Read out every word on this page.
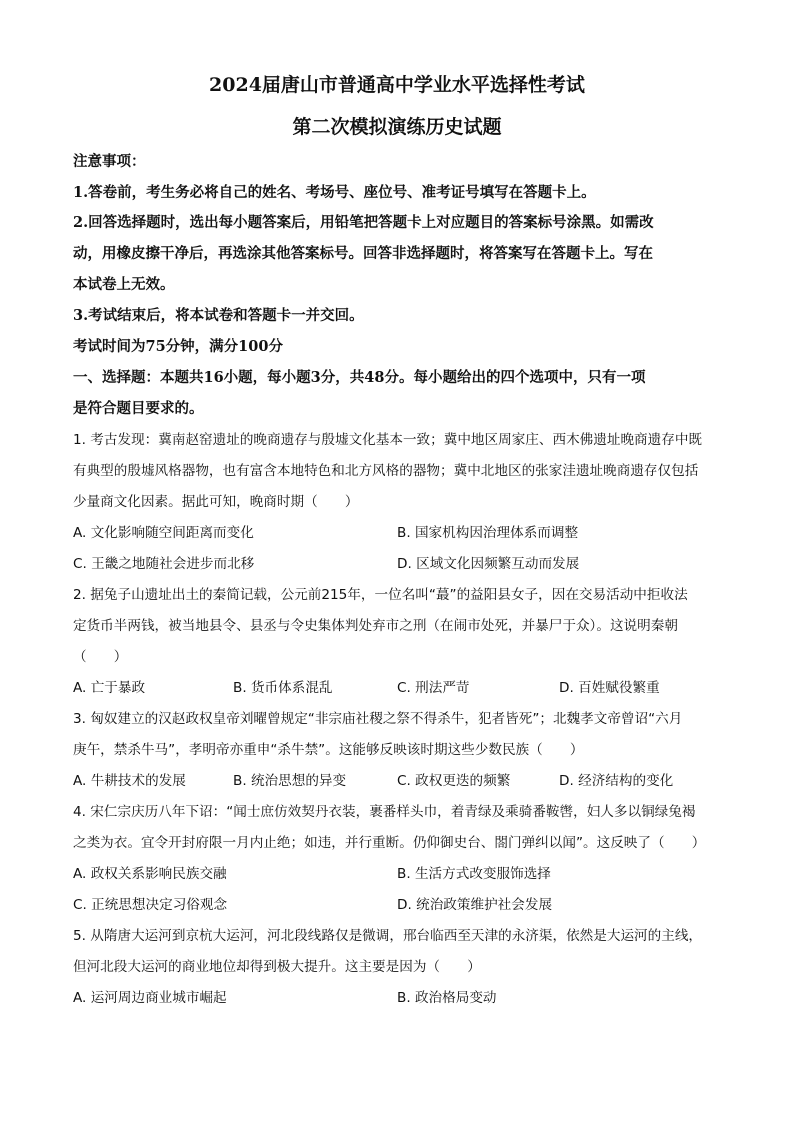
2024届唐山市普通高中学业水平选择性考试
第二次模拟演练历史试题
注意事项：
1.答卷前，考生务必将自己的姓名、考场号、座位号、准考证号填写在答题卡上。
2.回答选择题时，选出每小题答案后，用铅笔把答题卡上对应题目的答案标号涂黑。如需改
动，用橡皮擦干净后，再选涂其他答案标号。回答非选择题时，将答案写在答题卡上。写在
本试卷上无效。
3.考试结束后，将本试卷和答题卡一并交回。
考试时间为75分钟，满分100分
一、选择题：本题共16小题，每小题3分，共48分。每小题给出的四个选项中，只有一项
是符合题目要求的。
1. 考古发现：冀南赵窑遗址的晚商遗存与殷墟文化基本一致；冀中地区周家庄、西木佛遗址晚商遗存中既
有典型的殷墟风格器物，也有富含本地特色和北方风格的器物；冀中北地区的张家洼遗址晚商遗存仅包括
少量商文化因素。据此可知，晚商时期（　　）
A. 文化影响随空间距离而变化	B. 国家机构因治理体系而调整
C. 王畿之地随社会进步而北移	D. 区域文化因频繁互动而发展
2. 据兔子山遗址出土的秦简记载，公元前215年，一位名叫“蕞”的益阳县女子，因在交易活动中拒收法
定货币半两钱，被当地县令、县丞与令史集体判处弃市之刑（在闹市处死，并暴尸于众）。这说明秦朝
（　　）
A. 亡于暴政	B. 货币体系混乱	C. 刑法严苛	D. 百姓赋役繁重
3. 匈奴建立的汉赵政权皇帝刘曜曾规定“非宗庙社稷之祭不得杀牛，犯者皆死”；北魏孝文帝曾诏“六月
庚午，禁杀牛马”，孝明帝亦重申“杀牛禁”。这能够反映该时期这些少数民族（　　）
A. 牛耕技术的发展	B. 统治思想的异变	C. 政权更迭的频繁	D. 经济结构的变化
4. 宋仁宗庆历八年下诏：“闻士庶仿效契丹衣装，裹番样头巾，着青绿及乘骑番鞍辔，妇人多以铜绿兔褐
之类为衣。宜令开封府限一月内止绝；如违，并行重断。仍仰御史台、閤门弹纠以闻”。这反映了（　　）
A. 政权关系影响民族交融	B. 生活方式改变服饰选择
C. 正统思想决定习俗观念	D. 统治政策维护社会发展
5. 从隋唐大运河到京杭大运河，河北段线路仅是微调，邢台临西至天津的永济渠，依然是大运河的主线，
但河北段大运河的商业地位却得到极大提升。这主要是因为（　　）
A. 运河周边商业城市崛起	B. 政治格局变动
